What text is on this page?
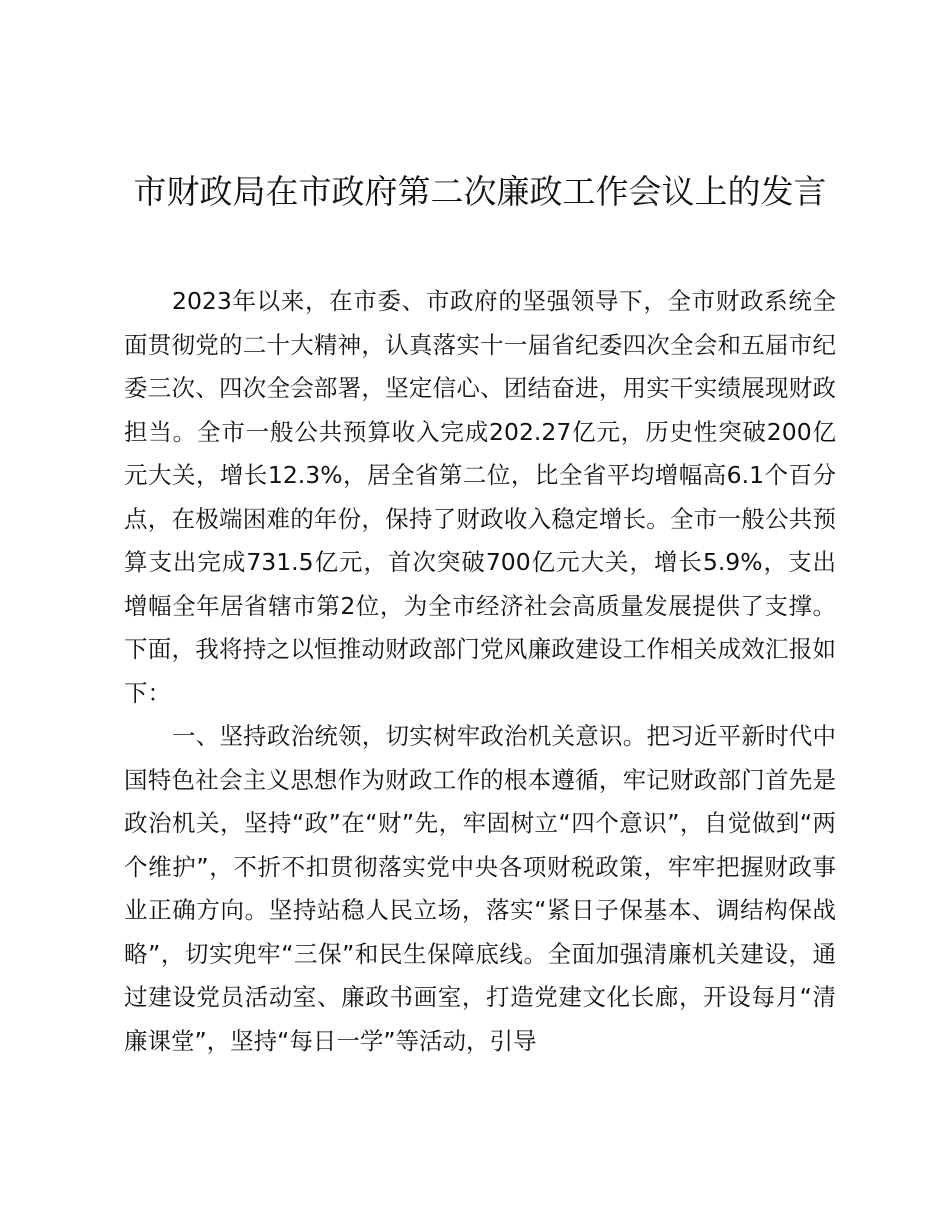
市财政局在市政府第二次廉政工作会议上的发言

2023年以来，在市委、市政府的坚强领导下，全市财政系统全面贯彻党的二十大精神，认真落实十一届省纪委四次全会和五届市纪委三次、四次全会部署，坚定信心、团结奋进，用实干实绩展现财政担当。全市一般公共预算收入完成202.27亿元，历史性突破200亿元大关，增长12.3%，居全省第二位，比全省平均增幅高6.1个百分点，在极端困难的年份，保持了财政收入稳定增长。全市一般公共预算支出完成731.5亿元，首次突破700亿元大关，增长5.9%，支出增幅全年居省辖市第2位，为全市经济社会高质量发展提供了支撑。下面，我将持之以恒推动财政部门党风廉政建设工作相关成效汇报如下：

一、坚持政治统领，切实树牢政治机关意识。把习近平新时代中国特色社会主义思想作为财政工作的根本遵循，牢记财政部门首先是政治机关，坚持“政”在“财”先，牢固树立“四个意识”，自觉做到“两个维护”，不折不扣贯彻落实党中央各项财税政策，牢牢把握财政事业正确方向。坚持站稳人民立场，落实“紧日子保基本、调结构保战略”，切实兜牢“三保”和民生保障底线。全面加强清廉机关建设，通过建设党员活动室、廉政书画室，打造党建文化长廊，开设每月“清廉课堂”，坚持“每日一学”等活动，引导
